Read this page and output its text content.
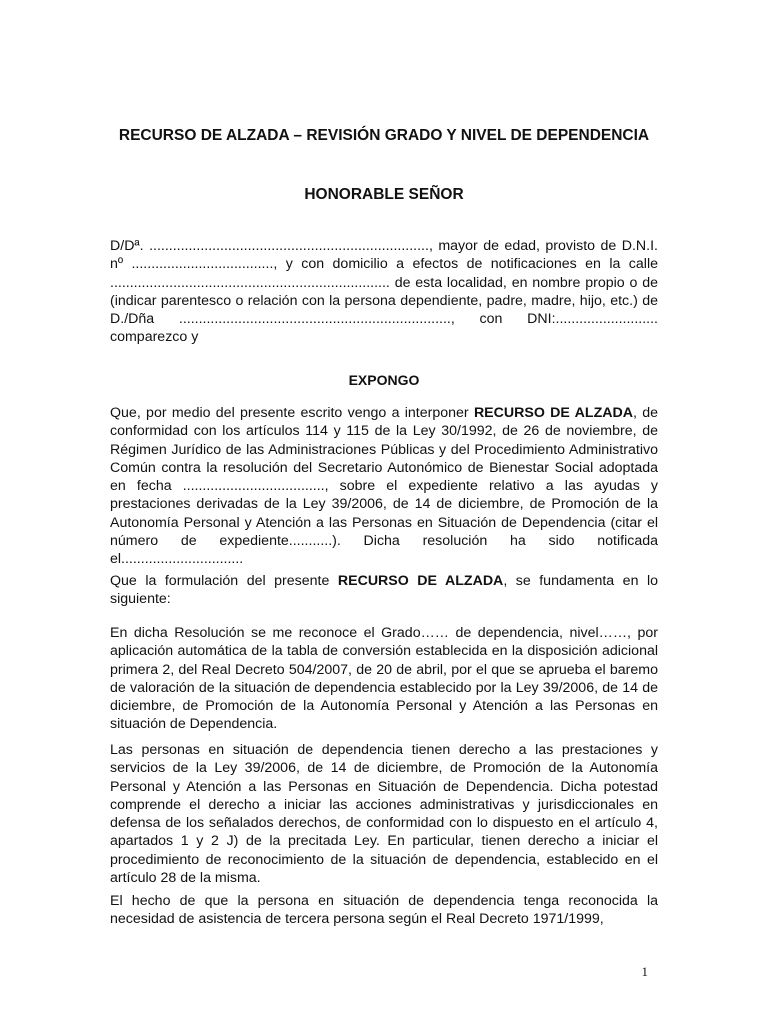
RECURSO DE ALZADA – REVISIÓN GRADO Y NIVEL DE DEPENDENCIA
HONORABLE SEÑOR

D/Dª. ......................................................................., mayor de edad, provisto de D.N.I. nº ...................................., y con domicilio a efectos de notificaciones en la calle ....................................................................... de esta localidad, en nombre propio o de (indicar parentesco o relación con la persona dependiente, padre, madre, hijo, etc.) de D./Dña ....................................................................., con DNI:.......................... comparezco y

EXPONGO

Que, por medio del presente escrito vengo a interponer RECURSO DE ALZADA, de conformidad con los artículos 114 y 115 de la Ley 30/1992, de 26 de noviembre, de Régimen Jurídico de las Administraciones Públicas y del Procedimiento Administrativo Común contra la resolución del Secretario Autonómico de Bienestar Social adoptada en fecha ...................................., sobre el expediente relativo a las ayudas y prestaciones derivadas de la Ley 39/2006, de 14 de diciembre, de Promoción de la Autonomía Personal y Atención a las Personas en Situación de Dependencia (citar el número de expediente...........). Dicha resolución ha sido notificada el...............................

Que la formulación del presente RECURSO DE ALZADA, se fundamenta en lo siguiente:

En dicha Resolución se me reconoce el Grado…… de dependencia, nivel……, por aplicación automática de la tabla de conversión establecida en la disposición adicional primera 2, del Real Decreto 504/2007, de 20 de abril, por el que se aprueba el baremo de valoración de la situación de dependencia establecido por la Ley 39/2006, de 14 de diciembre, de Promoción de la Autonomía Personal y Atención a las Personas en situación de Dependencia.

Las personas en situación de dependencia tienen derecho a las prestaciones y servicios de la Ley 39/2006, de 14 de diciembre, de Promoción de la Autonomía Personal y Atención a las Personas en Situación de Dependencia. Dicha potestad comprende el derecho a iniciar las acciones administrativas y jurisdiccionales en defensa de los señalados derechos, de conformidad con lo dispuesto en el artículo 4, apartados 1 y 2 J) de la precitada Ley. En particular, tienen derecho a iniciar el procedimiento de reconocimiento de la situación de dependencia, establecido en el artículo 28 de la misma.

El hecho de que la persona en situación de dependencia tenga reconocida la necesidad de asistencia de tercera persona según el Real Decreto 1971/1999,

1
